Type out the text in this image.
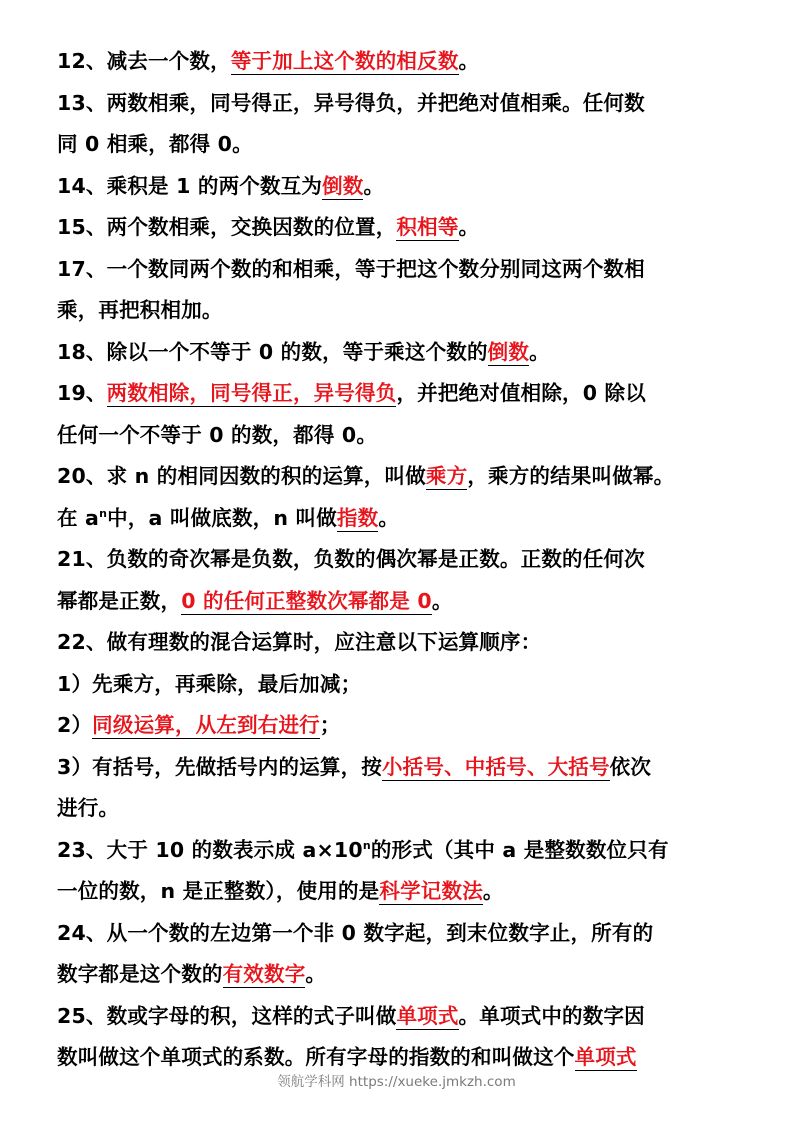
12、减去一个数，等于加上这个数的相反数。
13、两数相乘，同号得正，异号得负，并把绝对值相乘。任何数
同 0 相乘，都得 0。
14、乘积是 1 的两个数互为倒数。
15、两个数相乘，交换因数的位置，积相等。
17、一个数同两个数的和相乘，等于把这个数分别同这两个数相
乘，再把积相加。
18、除以一个不等于 0 的数，等于乘这个数的倒数。
19、两数相除，同号得正，异号得负，并把绝对值相除，0 除以
任何一个不等于 0 的数，都得 0。
20、求 n 的相同因数的积的运算，叫做乘方，乘方的结果叫做幂。
在 $a^n$中，a 叫做底数，n 叫做指数。
21、负数的奇次幂是负数，负数的偶次幂是正数。正数的任何次
幂都是正数，0 的任何正整数次幂都是 0。
22、做有理数的混合运算时，应注意以下运算顺序：
1）先乘方，再乘除，最后加减；
2）同级运算，从左到右进行；
3）有括号，先做括号内的运算，按小括号、中括号、大括号依次
进行。
23、大于 10 的数表示成 $a\times 10^n$的形式（其中 a 是整数数位只有
一位的数，n 是正整数），使用的是科学记数法。
24、从一个数的左边第一个非 0 数字起，到末位数字止，所有的
数字都是这个数的有效数字。
25、数或字母的积，这样的式子叫做单项式。单项式中的数字因
数叫做这个单项式的系数。所有字母的指数的和叫做这个单项式
领航学科网 https://xueke.jmkzh.com
